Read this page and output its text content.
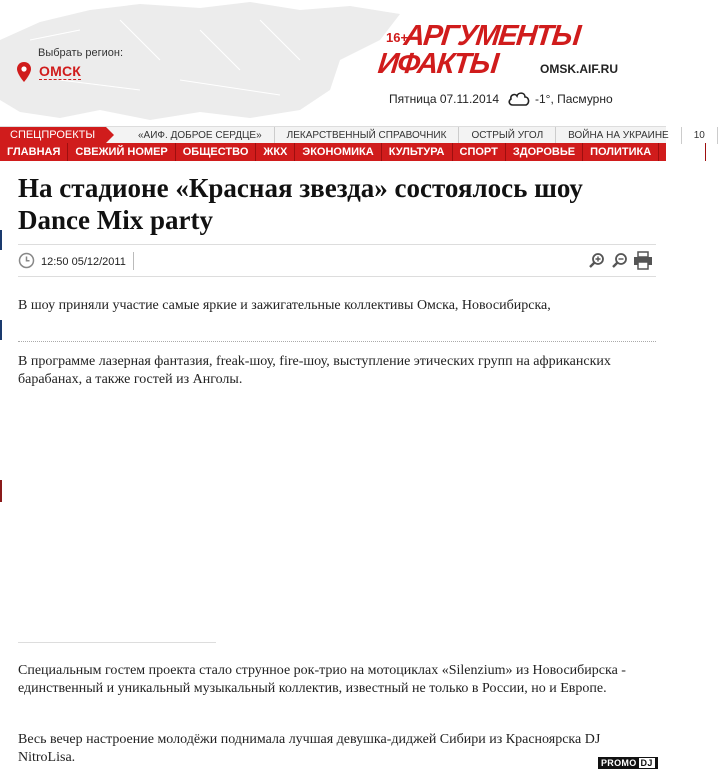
Выбрать регион:
ОМСК
16+
АРГУМЕНТЫ
ИФАКТЫ	OMSK.AIF.RU
Пятница 07.11.2014	-1°, Пасмурно
СПЕЦПРОЕКТЫ	«АИФ. ДОБРОЕ СЕРДЦЕ»	ЛЕКАРСТВЕННЫЙ СПРАВОЧНИК	ОСТРЫЙ УГОЛ	ВОЙНА НА УКРАИНЕ	10
ГЛАВНАЯ СВЕЖИЙ НОМЕР ОБЩЕСТВО ЖКХ ЭКОНОМИКА КУЛЬТУРА СПОРТ ЗДОРОВЬЕ ПОЛИТИКА ПРОИ
На стадионе «Красная звезда» состоялось шоу Dance Mix party
12:50 05/12/2011

В шоу приняли участие самые яркие и зажигательные коллективы Омска, Новосибирска,

В программе лазерная фантазия, freak-шоу, fire-шоу, выступление этических групп на африканских барабанах, а также гостей из Анголы.

Специальным гостем проекта стало струнное рок-трио на мотоциклах «Silenzium» из Новосибирска - единственный и уникальный музыкальный коллектив, известный не только в России, но и Европе.

Весь вечер настроение молодёжи поднимала лучшая девушка-диджей Сибири из Красноярска DJ NitroLisa.	PROMO DJ
